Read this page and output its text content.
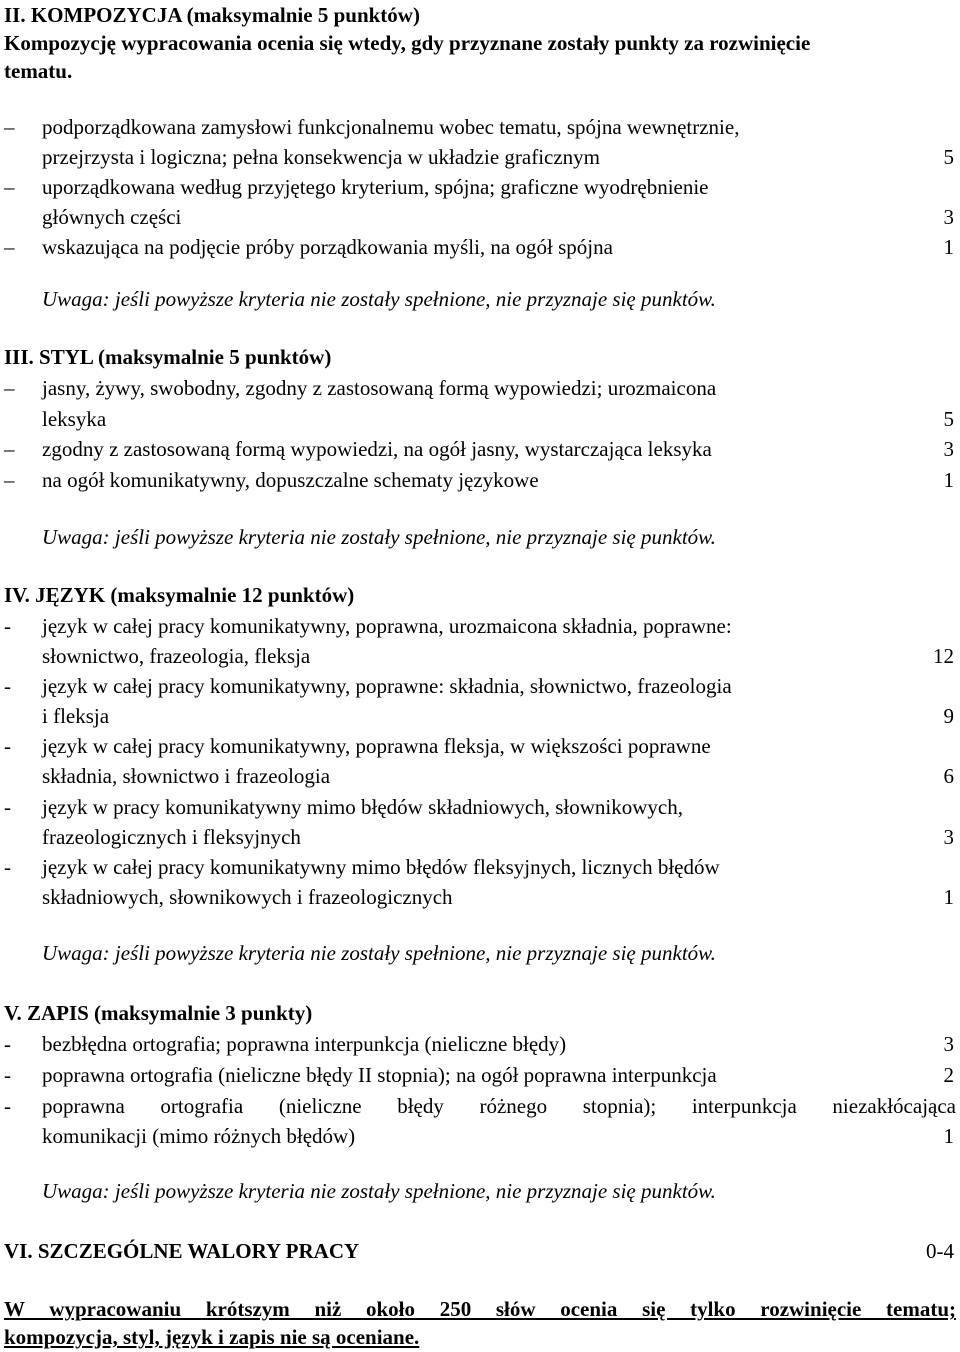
II. KOMPOZYCJA (maksymalnie 5 punktów)
Kompozycję wypracowania ocenia się wtedy, gdy przyznane zostały punkty za rozwinięcie
tematu.
–	podporządkowana zamysłowi funkcjonalnemu wobec tematu, spójna wewnętrznie,
przejrzysta i logiczna; pełna konsekwencja w układzie graficznym	5
–	uporządkowana według przyjętego kryterium, spójna; graficzne wyodrębnienie
głównych części	3
–	wskazująca na podjęcie próby porządkowania myśli, na ogół spójna	1
Uwaga: jeśli powyższe kryteria nie zostały spełnione, nie przyznaje się punktów.
III. STYL (maksymalnie 5 punktów)
–	jasny, żywy, swobodny, zgodny z zastosowaną formą wypowiedzi; urozmaicona
leksyka	5
–	zgodny z zastosowaną formą wypowiedzi, na ogół jasny, wystarczająca leksyka	3
–	na ogół komunikatywny, dopuszczalne schematy językowe	1
Uwaga: jeśli powyższe kryteria nie zostały spełnione, nie przyznaje się punktów.
IV. JĘZYK (maksymalnie 12 punktów)
-	język w całej pracy komunikatywny, poprawna, urozmaicona składnia, poprawne:
słownictwo, frazeologia, fleksja	12
-	język w całej pracy komunikatywny, poprawne: składnia, słownictwo, frazeologia
i fleksja	9
-	język w całej pracy komunikatywny, poprawna fleksja, w większości poprawne
składnia, słownictwo i frazeologia	6
-	język w pracy komunikatywny mimo błędów składniowych, słownikowych,
frazeologicznych i fleksyjnych	3
-	język w całej pracy komunikatywny mimo błędów fleksyjnych, licznych błędów
składniowych, słownikowych i frazeologicznych	1
Uwaga: jeśli powyższe kryteria nie zostały spełnione, nie przyznaje się punktów.
V. ZAPIS (maksymalnie 3 punkty)
-	bezbłędna ortografia; poprawna interpunkcja (nieliczne błędy)	3
-	poprawna ortografia (nieliczne błędy II stopnia); na ogół poprawna interpunkcja	2
-	poprawna ortografia (nieliczne błędy różnego stopnia); interpunkcja niezakłócająca
komunikacji (mimo różnych błędów)	1
Uwaga: jeśli powyższe kryteria nie zostały spełnione, nie przyznaje się punktów.
VI. SZCZEGÓLNE WALORY PRACY	0-4
W wypracowaniu krótszym niż około 250 słów ocenia się tylko rozwinięcie tematu;
kompozycja, styl, język i zapis nie są oceniane.
